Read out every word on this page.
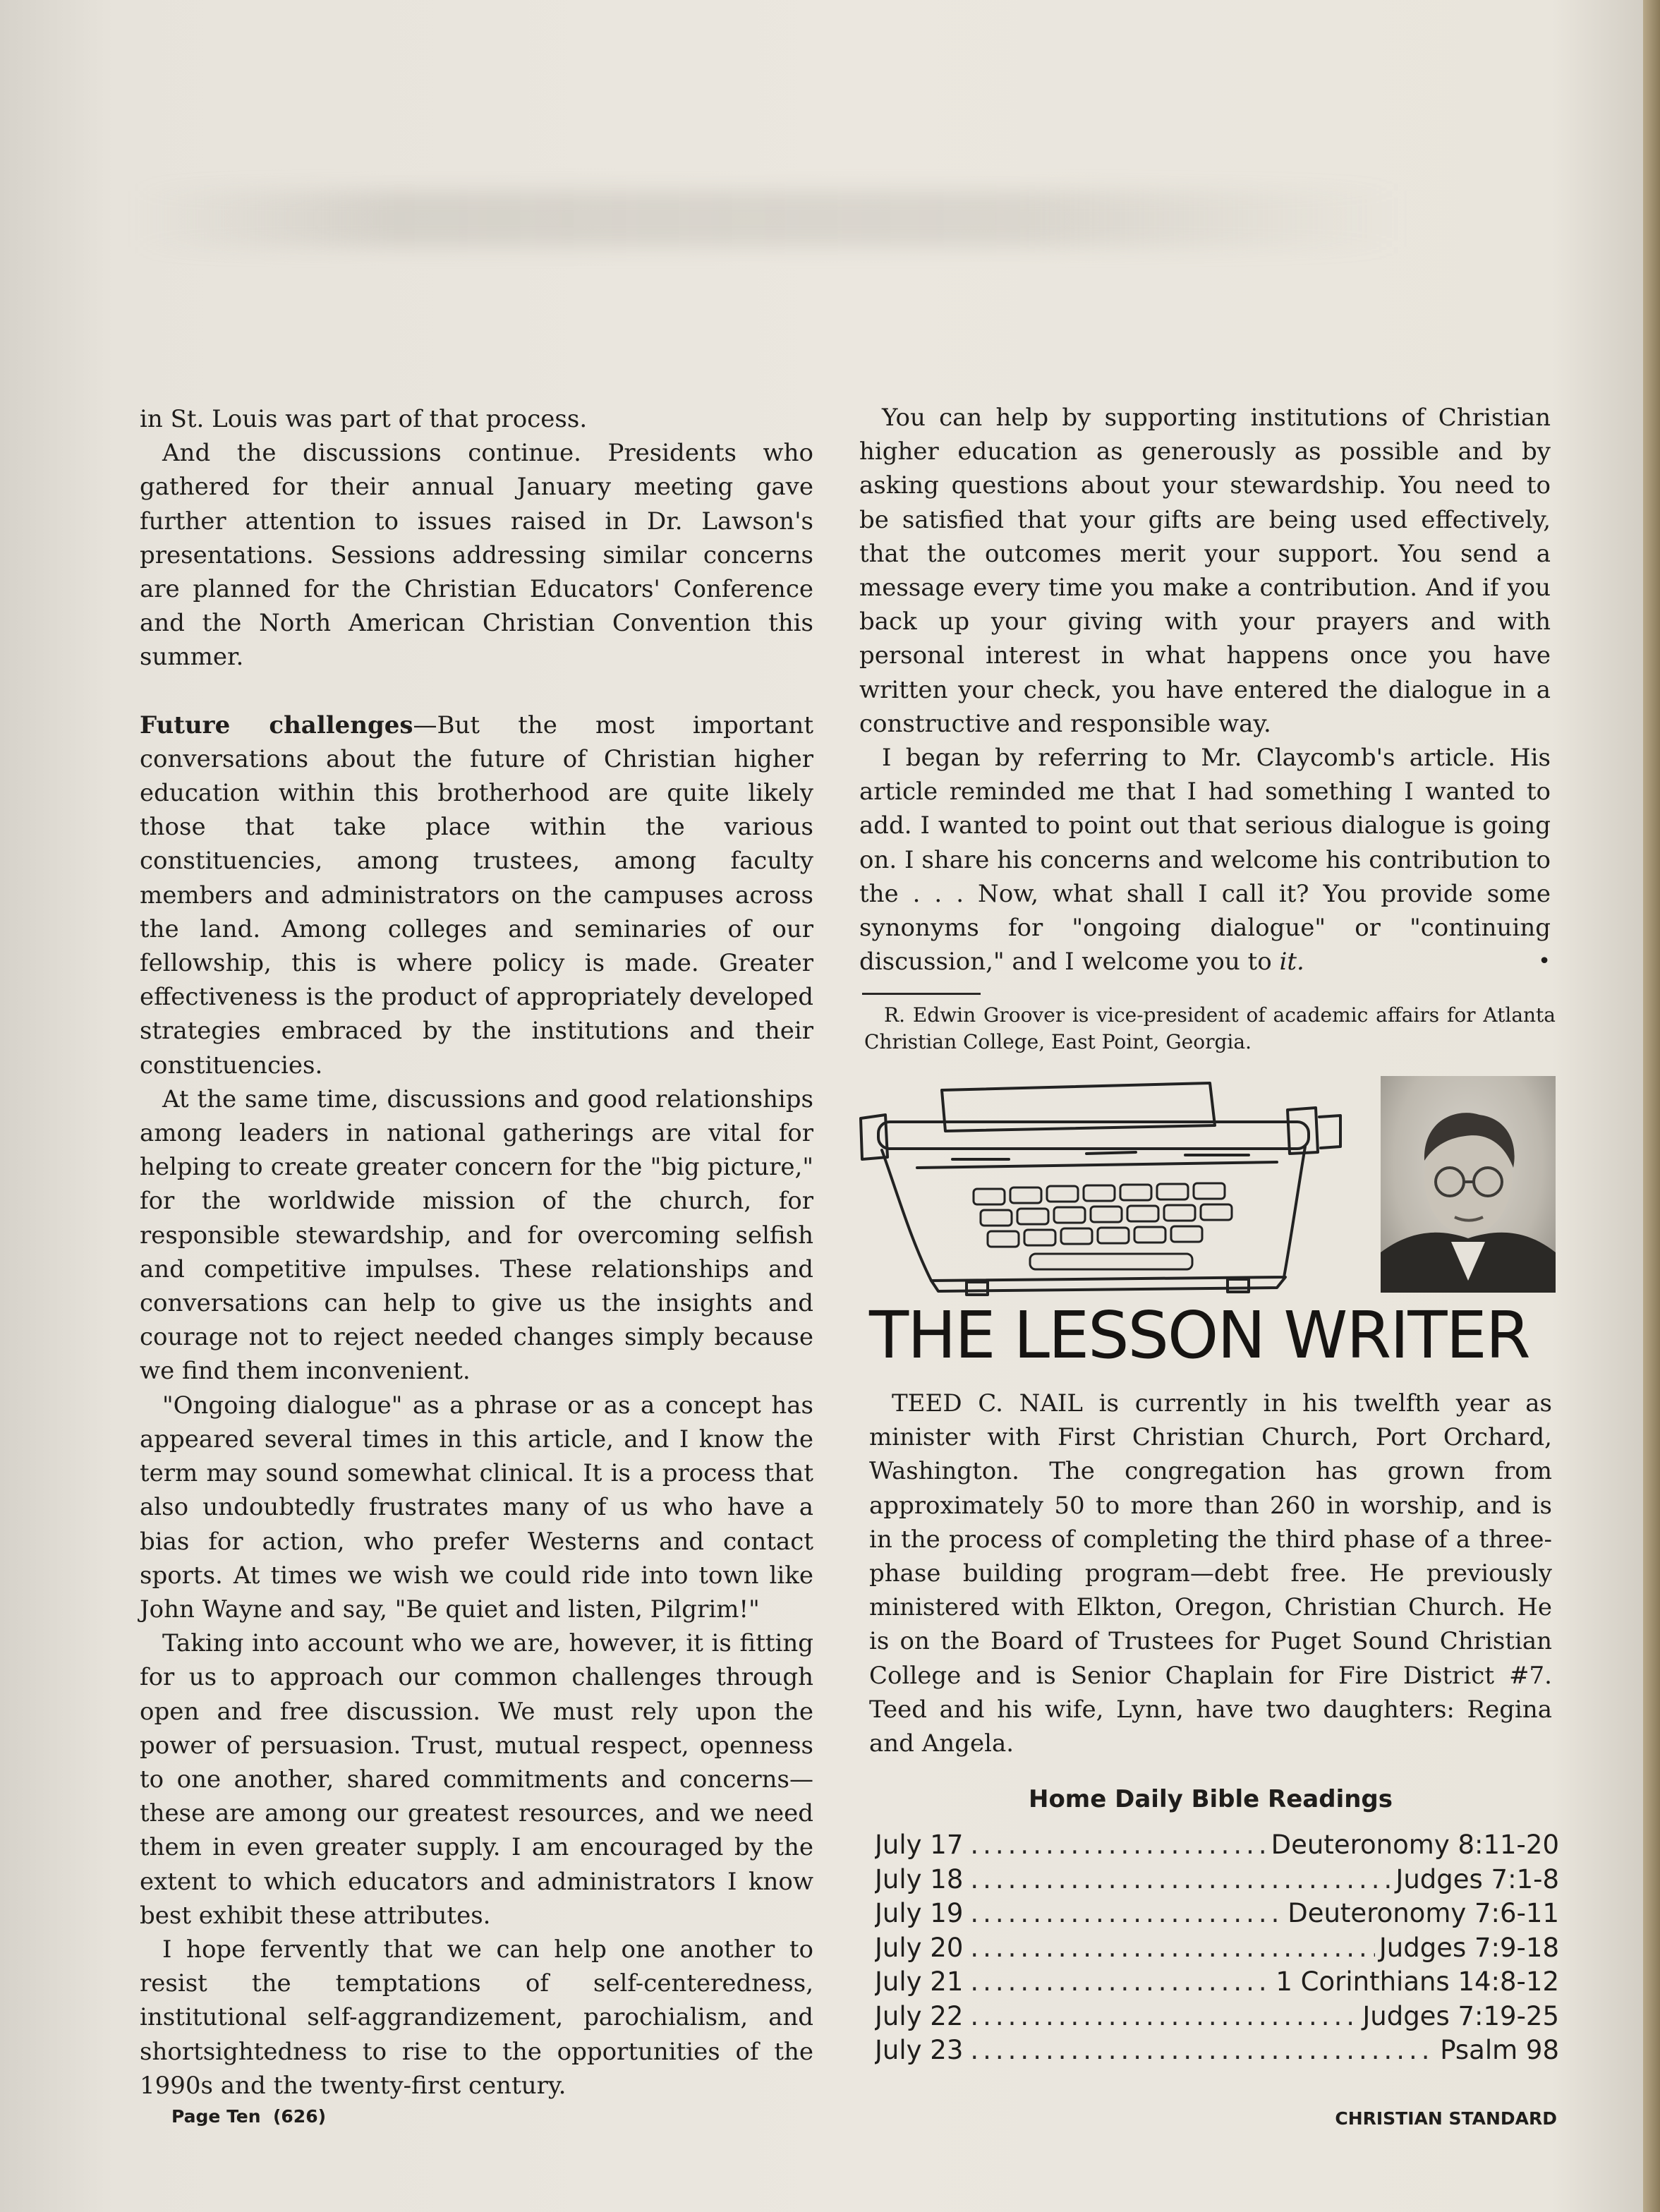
in St. Louis was part of that process.

And the discussions continue. Presidents who gathered for their annual January meeting gave further attention to issues raised in Dr. Lawson's presentations. Sessions addressing similar concerns are planned for the Christian Educators' Conference and the North American Christian Convention this summer.

Future challenges—But the most important conversations about the future of Christian higher education within this brotherhood are quite likely those that take place within the various constituencies, among trustees, among faculty members and administrators on the campuses across the land. Among colleges and seminaries of our fellowship, this is where policy is made. Greater effectiveness is the product of appropriately developed strategies embraced by the institutions and their constituencies.

At the same time, discussions and good relationships among leaders in national gatherings are vital for helping to create greater concern for the "big picture," for the worldwide mission of the church, for responsible stewardship, and for overcoming selfish and competitive impulses. These relationships and conversations can help to give us the insights and courage not to reject needed changes simply because we find them inconvenient.

"Ongoing dialogue" as a phrase or as a concept has appeared several times in this article, and I know the term may sound somewhat clinical. It is a process that also undoubtedly frustrates many of us who have a bias for action, who prefer Westerns and contact sports. At times we wish we could ride into town like John Wayne and say, "Be quiet and listen, Pilgrim!"

Taking into account who we are, however, it is fitting for us to approach our common challenges through open and free discussion. We must rely upon the power of persuasion. Trust, mutual respect, openness to one another, shared commitments and concerns—these are among our greatest resources, and we need them in even greater supply. I am encouraged by the extent to which educators and administrators I know best exhibit these attributes.

I hope fervently that we can help one another to resist the temptations of self-centeredness, institutional self-aggrandizement, parochialism, and shortsightedness to rise to the opportunities of the 1990s and the twenty-first century.

You can help by supporting institutions of Christian higher education as generously as possible and by asking questions about your stewardship. You need to be satisfied that your gifts are being used effectively, that the outcomes merit your support. You send a message every time you make a contribution. And if you back up your giving with your prayers and with personal interest in what happens once you have written your check, you have entered the dialogue in a constructive and responsible way.

I began by referring to Mr. Claycomb's article. His article reminded me that I had something I wanted to add. I wanted to point out that serious dialogue is going on. I share his concerns and welcome his contribution to the . . . Now, what shall I call it? You provide some synonyms for "ongoing dialogue" or "continuing discussion," and I welcome you to it.	•

R. Edwin Groover is vice-president of academic affairs for Atlanta Christian College, East Point, Georgia.

THE LESSON WRITER

TEED C. NAIL is currently in his twelfth year as minister with First Christian Church, Port Orchard, Washington. The congregation has grown from approximately 50 to more than 260 in worship, and is in the process of completing the third phase of a three-phase building program—debt free. He previously ministered with Elkton, Oregon, Christian Church. He is on the Board of Trustees for Puget Sound Christian College and is Senior Chaplain for Fire District #7. Teed and his wife, Lynn, have two daughters: Regina and Angela.

Home Daily Bible Readings
July 17 .....	Deuteronomy 8:11-20
July 18 .....	Judges 7:1-8
July 19 .....	Deuteronomy 7:6-11
July 20 .....	Judges 7:9-18
July 21 .....	1 Corinthians 14:8-12
July 22 .....	Judges 7:19-25
July 23 .....	Psalm 98
Page Ten (626)	CHRISTIAN STANDARD
